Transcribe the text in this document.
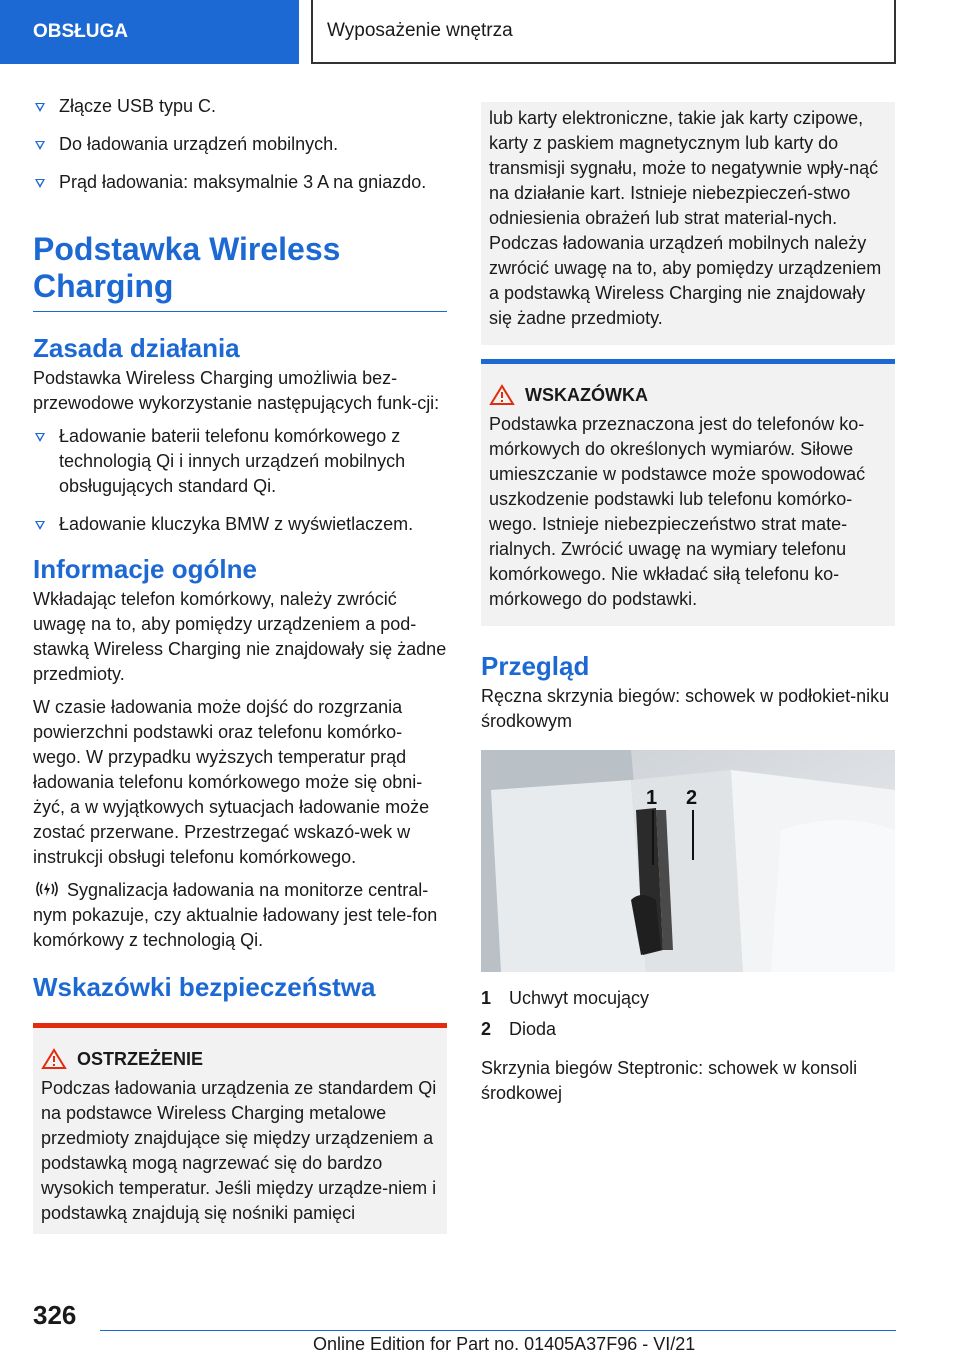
OBSŁUGA	Wyposażenie wnętrza
Złącze USB typu C.
Do ładowania urządzeń mobilnych.
Prąd ładowania: maksymalnie 3 A na gniazdo.
Podstawka Wireless Charging
Zasada działania

Podstawka Wireless Charging umożliwia bez-przewodowe wykorzystanie następujących funk-cji:

Ładowanie baterii telefonu komórkowego z technologią Qi i innych urządzeń mobilnych obsługujących standard Qi.
Ładowanie kluczyka BMW z wyświetlaczem.
Informacje ogólne

Wkładając telefon komórkowy, należy zwrócić uwagę na to, aby pomiędzy urządzeniem a pod-stawką Wireless Charging nie znajdowały się żadne przedmioty.

W czasie ładowania może dojść do rozgrzania powierzchni podstawki oraz telefonu komórko-wego. W przypadku wyższych temperatur prąd ładowania telefonu komórkowego może się obni-żyć, a w wyjątkowych sytuacjach ładowanie może zostać przerwane. Przestrzegać wskazó-wek w instrukcji obsługi telefonu komórkowego.

Sygnalizacja ładowania na monitorze central-nym pokazuje, czy aktualnie ładowany jest tele-fon komórkowy z technologią Qi.

Wskazówki bezpieczeństwa
OSTRZEŻENIE

Podczas ładowania urządzenia ze standardem Qi na podstawce Wireless Charging metalowe przedmioty znajdujące się między urządzeniem a podstawką mogą nagrzewać się do bardzo wysokich temperatur. Jeśli między urządze-niem i podstawką znajdują się nośniki pamięci

lub karty elektroniczne, takie jak karty czipowe, karty z paskiem magnetycznym lub karty do transmisji sygnału, może to negatywnie wpły-nąć na działanie kart. Istnieje niebezpieczeń-stwo odniesienia obrażeń lub strat material-nych. Podczas ładowania urządzeń mobilnych należy zwrócić uwagę na to, aby pomiędzy urządzeniem a podstawką Wireless Charging nie znajdowały się żadne przedmioty.

WSKAZÓWKA

Podstawka przeznaczona jest do telefonów ko-mórkowych do określonych wymiarów. Siłowe umieszczanie w podstawce może spowodować uszkodzenie podstawki lub telefonu komórko-wego. Istnieje niebezpieczeństwo strat mate-rialnych. Zwrócić uwagę na wymiary telefonu komórkowego. Nie wkładać siłą telefonu ko-mórkowego do podstawki.

Przegląd

Ręczna skrzynia biegów: schowek w podłokiet-niku środkowym

1 2
1 Uchwyt mocujący
2 Dioda

Skrzynia biegów Steptronic: schowek w konsoli środkowej

326
Online Edition for Part no. 01405A37F96 - VI/21
